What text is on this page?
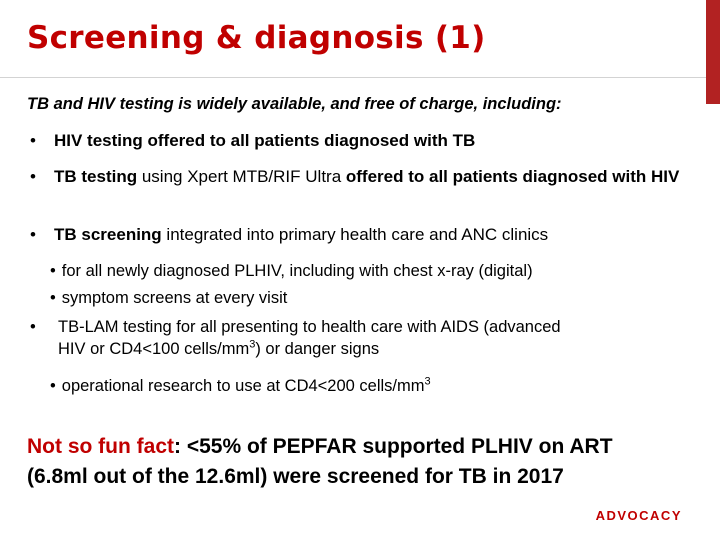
Screening & diagnosis (1)
TB and HIV testing is widely available, and free of charge, including:
• HIV testing offered to all patients diagnosed with TB
• TB testing using Xpert MTB/RIF Ultra offered to all patients diagnosed with HIV
• TB screening integrated into primary health care and ANC clinics
• for all newly diagnosed PLHIV, including with chest x-ray (digital)
• symptom screens at every visit
• TB-LAM testing for all presenting to health care with AIDS (advanced
HIV or CD4<100 cells/$mm^3$) or danger signs
• operational research to use at CD4<200 cells/$mm^3$
Not so fun fact: <55% of PEPFAR supported PLHIV on ART (6.8ml out of the 12.6ml) were screened for TB in 2017
ADVOCACY
